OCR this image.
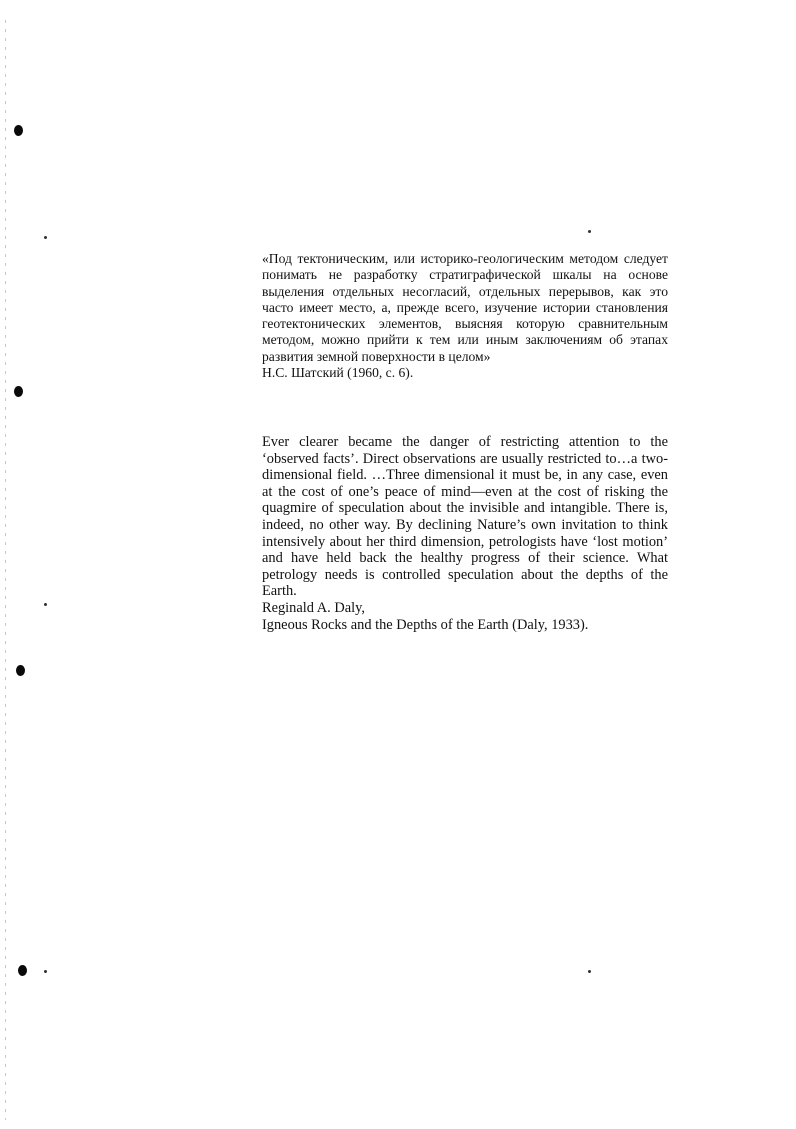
«Под тектоническим, или историко-геологическим методом следует понимать не разработку стратиграфической шкалы на основе выделения отдельных несогласий, отдельных перерывов, как это часто имеет место, а, прежде всего, изучение истории становления геотектонических элементов, выясняя которую сравнительным методом, можно прийти к тем или иным заключениям об этапах развития земной поверхности в целом»

Н.С. Шатский (1960, с. 6).

Ever clearer became the danger of restricting attention to the ‘observed facts’. Direct observations are usually restricted to…a two-dimensional field. …Three dimensional it must be, in any case, even at the cost of one’s peace of mind—even at the cost of risking the quagmire of speculation about the invisible and intangible. There is, indeed, no other way. By declining Nature’s own invitation to think intensively about her third dimension, petrologists have ‘lost motion’ and have held back the healthy progress of their science. What petrology needs is controlled speculation about the depths of the Earth.

Reginald A. Daly,

Igneous Rocks and the Depths of the Earth (Daly, 1933).
